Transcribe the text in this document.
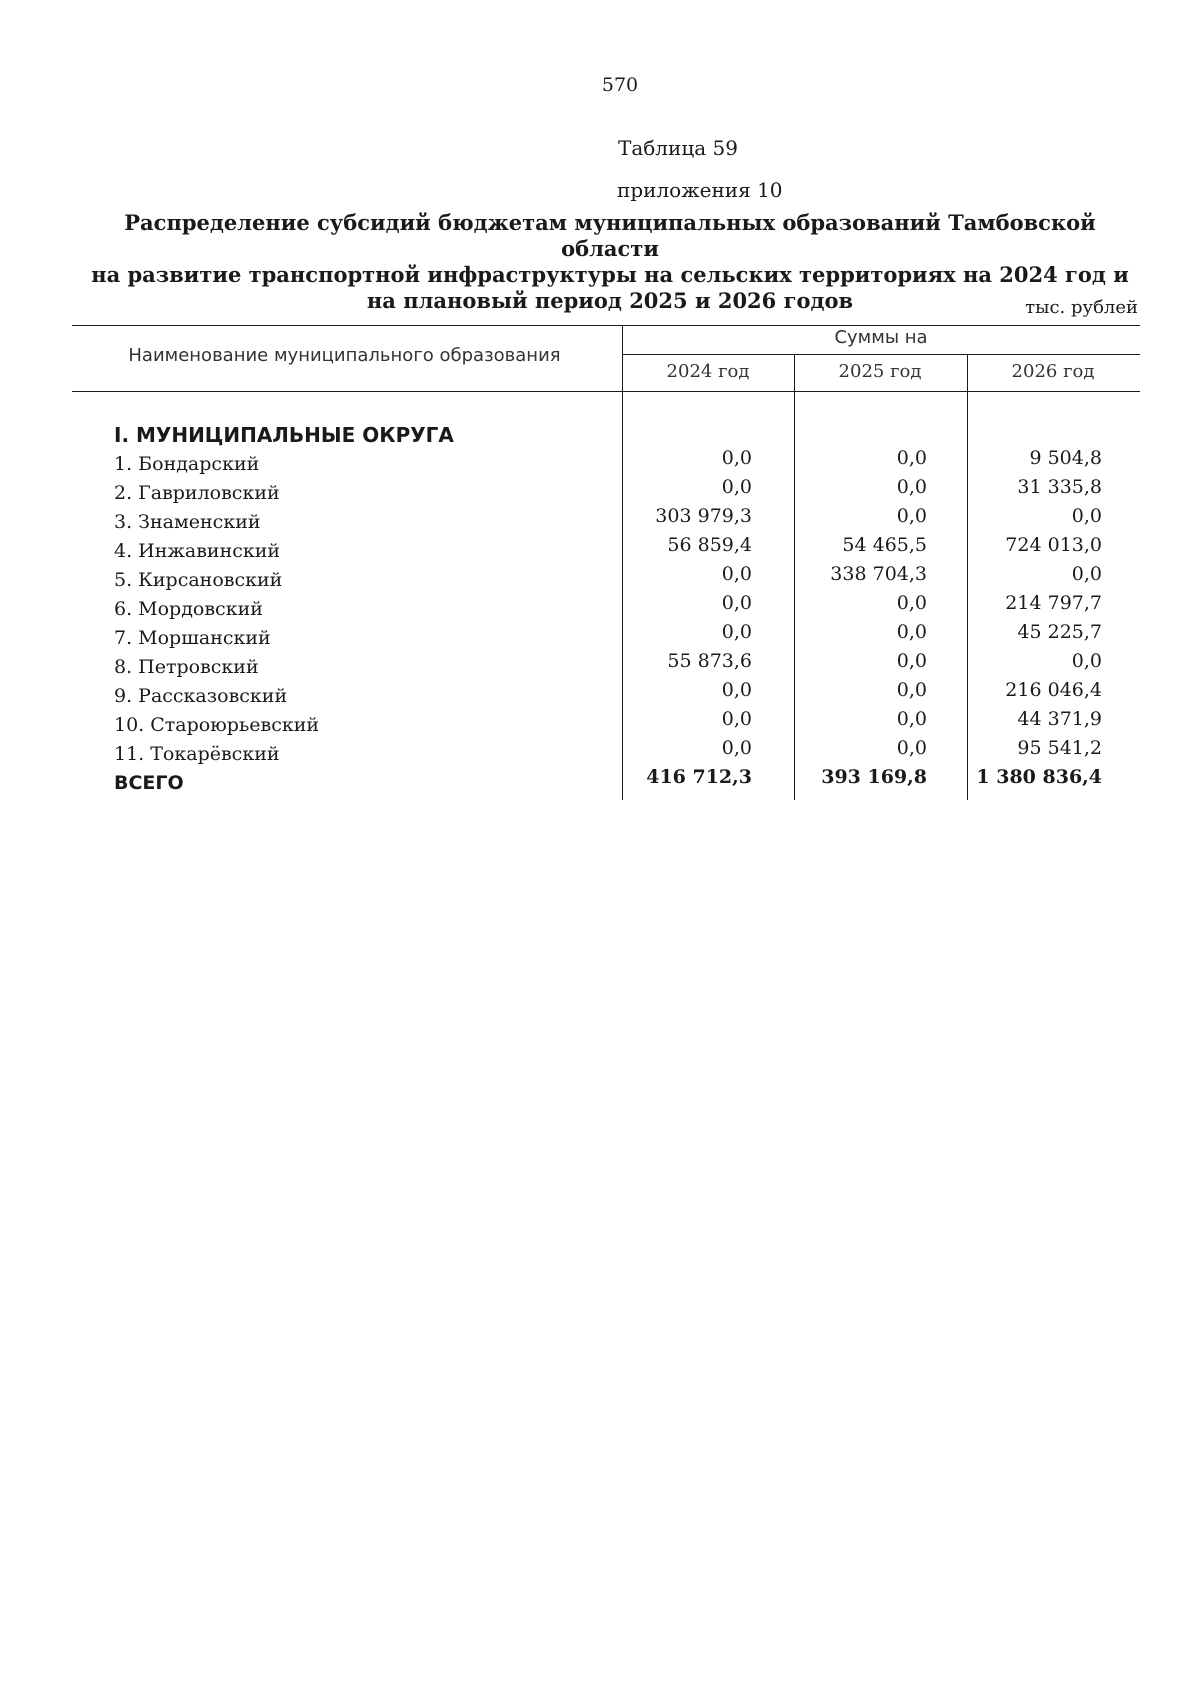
570
Таблица 59
приложения 10
Распределение субсидий бюджетам муниципальных образований Тамбовской области
на развитие транспортной инфраструктуры на сельских территориях на 2024 год и
на плановый период 2025 и 2026 годов	тыс. рублей
Наименование муниципального образования
Суммы на
2024 год	2025 год	2026 год
I. МУНИЦИПАЛЬНЫЕ ОКРУГА
1. Бондарский	0,0	0,0	9 504,8
2. Гавриловский	0,0	0,0	31 335,8
3. Знаменский	303 979,3	0,0	0,0
4. Инжавинский	56 859,4	54 465,5	724 013,0
5. Кирсановский	0,0	338 704,3	0,0
6. Мордовский	0,0	0,0	214 797,7
7. Моршанский	0,0	0,0	45 225,7
8. Петровский	55 873,6	0,0	0,0
9. Рассказовский	0,0	0,0	216 046,4
10. Староюрьевский	0,0	0,0	44 371,9
11. Токарёвский	0,0	0,0	95 541,2
ВСЕГО	416 712,3	393 169,8	1 380 836,4
